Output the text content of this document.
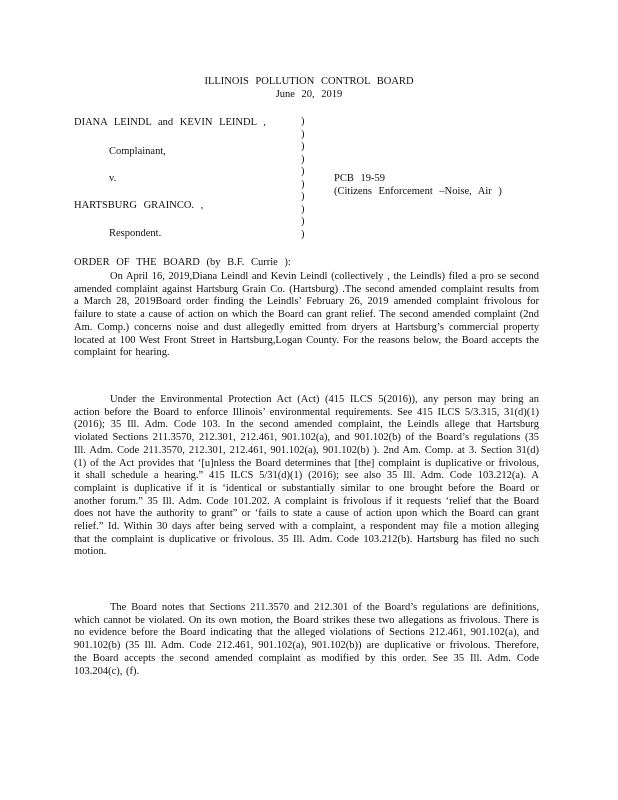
ILLINOIS POLLUTION CONTROL BOARD
June 20, 2019
DIANA LEINDL and KEVIN LEINDL ,
Complainant,
v.
HARTSBURG GRAINCO. ,
Respondent.
)
)
)
)
)
)
)
)
)
)
PCB 19-59
(Citizens Enforcement –Noise, Air )
ORDER OF THE BOARD (by B.F. Currie ):

On April 16, 2019,Diana Leindl and Kevin Leindl (collectively , the Leindls) filed a pro se second amended complaint against Hartsburg Grain Co. (Hartsburg) .The second amended complaint results from a March 28, 2019Board order finding the Leindls’ February 26, 2019 amended complaint frivolous for failure to state a cause of action on which the Board can grant relief. The second amended complaint (2nd Am. Comp.) concerns noise and dust allegedly emitted from dryers at Hartsburg’s commercial property located at 100 West Front Street in Hartsburg,Logan County. For the reasons below, the Board accepts the complaint for hearing.

Under the Environmental Protection Act (Act) (415 ILCS 5(2016)), any person may bring an action before the Board to enforce Illinois’ environmental requirements. See 415 ILCS 5/3.315, 31(d)(1) (2016); 35 Ill. Adm. Code 103. In the second amended complaint, the Leindls allege that Hartsburg violated Sections 211.3570, 212.301, 212.461, 901.102(a), and 901.102(b) of the Board’s regulations (35 Ill. Adm. Code 211.3570, 212.301, 212.461, 901.102(a), 901.102(b) ). 2nd Am. Comp. at 3. Section 31(d)(1) of the Act provides that ‘[u]nless the Board determines that [the] complaint is duplicative or frivolous, it shall schedule a hearing.” 415 ILCS 5/31(d)(1) (2016); see also 35 Ill. Adm. Code 103.212(a). A complaint is duplicative if it is ‘identical or substantially similar to one brought before the Board or another forum.” 35 Ill. Adm. Code 101.202. A complaint is frivolous if it requests ‘relief that the Board does not have the authority to grant” or ‘fails to state a cause of action upon which the Board can grant relief.” Id. Within 30 days after being served with a complaint, a respondent may file a motion alleging that the complaint is duplicative or frivolous. 35 Ill. Adm. Code 103.212(b). Hartsburg has filed no such motion.

The Board notes that Sections 211.3570 and 212.301 of the Board’s regulations are definitions, which cannot be violated. On its own motion, the Board strikes these two allegations as frivolous. There is no evidence before the Board indicating that the alleged violations of Sections 212.461, 901.102(a), and 901.102(b) (35 Ill. Adm. Code 212.461, 901.102(a), 901.102(b)) are duplicative or frivolous. Therefore, the Board accepts the second amended complaint as modified by this order. See 35 Ill. Adm. Code 103.204(c), (f).
